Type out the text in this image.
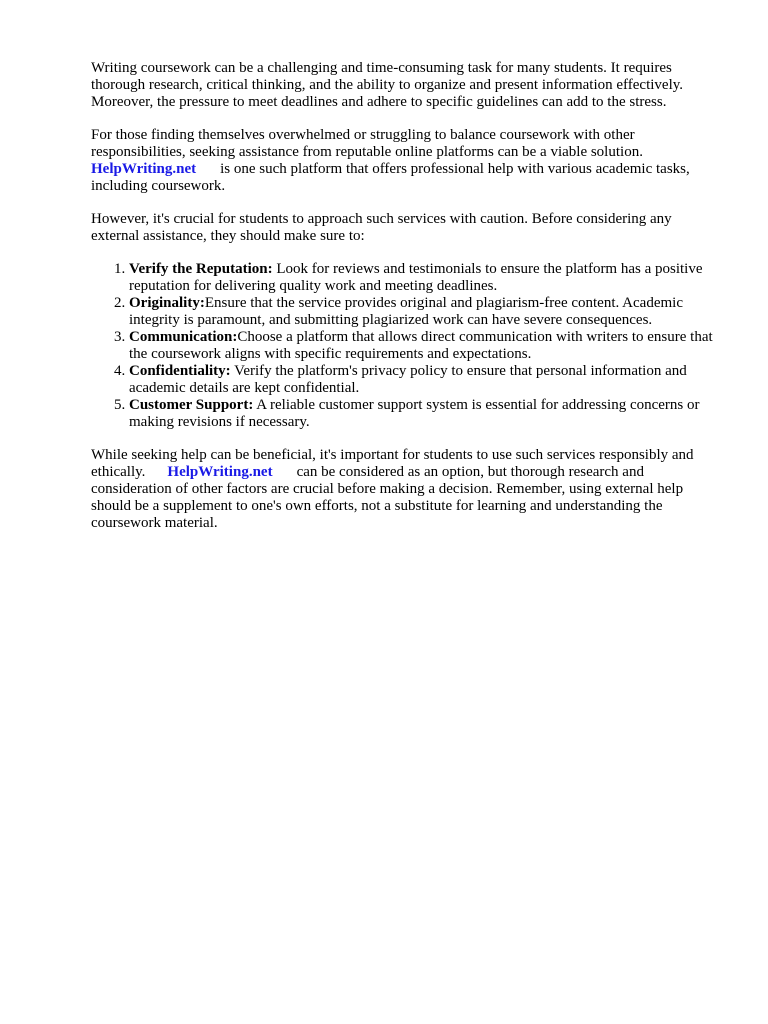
Writing coursework can be a challenging and time-consuming task for many students. It requires thorough research, critical thinking, and the ability to organize and present information effectively. Moreover, the pressure to meet deadlines and adhere to specific guidelines can add to the stress.

For those finding themselves overwhelmed or struggling to balance coursework with other responsibilities, seeking assistance from reputable online platforms can be a viable solution.
HelpWriting.net is one such platform that offers professional help with various academic tasks, including coursework.

However, it's crucial for students to approach such services with caution. Before considering any external assistance, they should make sure to:

1. Verify the Reputation: Look for reviews and testimonials to ensure the platform has a positive reputation for delivering quality work and meeting deadlines.
2. Originality:Ensure that the service provides original and plagiarism-free content. Academic integrity is paramount, and submitting plagiarized work can have severe consequences.
3. Communication:Choose a platform that allows direct communication with writers to ensure that the coursework aligns with specific requirements and expectations.
4. Confidentiality: Verify the platform's privacy policy to ensure that personal information and academic details are kept confidential.
5. Customer Support: A reliable customer support system is essential for addressing concerns or making revisions if necessary.

While seeking help can be beneficial, it's important for students to use such services responsibly and ethically. HelpWriting.net can be considered as an option, but thorough research and consideration of other factors are crucial before making a decision. Remember, using external help should be a supplement to one's own efforts, not a substitute for learning and understanding the coursework material.
